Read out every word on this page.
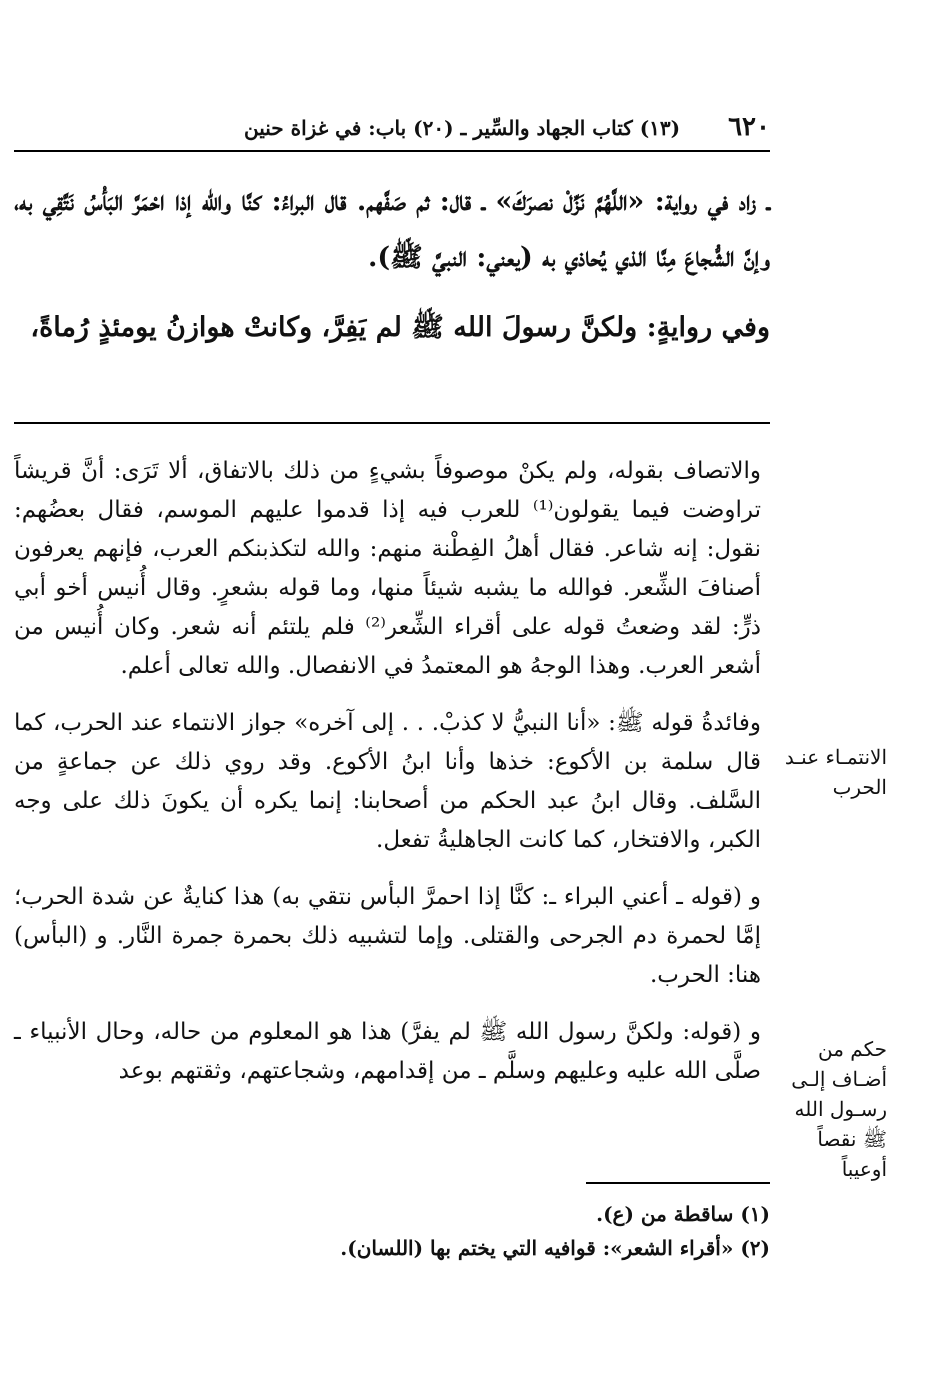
٦٢٠
(١٣) كتاب الجهاد والسِّير ـ (٢٠) باب: في غزاة حنين

ـ زاد في رواية: «اللَّهُمَّ نَزِّلْ نصرَكَ» ـ قال: ثم صَفَّهم. قال البراءُ: كنَّا والله إذا احْمَرَّ البَأْسُ نَتَّقِي به، وإنَّ الشُّجاعَ مِنَّا الذي يُحاذي به (يعني: النبيَّ ﷺ).

وفي روايةٍ: ولكنَّ رسولَ الله ﷺ لم يَفِرَّ، وكانتْ هوازنُ يومئذٍ رُماةً،

والاتصاف بقوله، ولم يكنْ موصوفاً بشيءٍ من ذلك بالاتفاق، ألا تَرَى: أنَّ قريشاً تراوضت فيما يقولون⁽¹⁾ للعرب فيه إذا قدموا عليهم الموسم، فقال بعضُهم: نقول: إنه شاعر. فقال أهلُ الفِطْنة منهم: والله لتكذبنكم العرب، فإنهم يعرفون أصنافَ الشِّعر. فوالله ما يشبه شيئاً منها، وما قوله بشعرٍ. وقال أُنيس أخو أبي ذرٍّ: لقد وضعتُ قوله على أقراء الشِّعر⁽²⁾ فلم يلتئم أنه شعر. وكان أُنيس من أشعر العرب. وهذا الوجهُ هو المعتمدُ في الانفصال. والله تعالى أعلم.

وفائدةُ قوله ﷺ: «أنا النبيُّ لا كذبْ. . . إلى آخره» جواز الانتماء عند الحرب، كما قال سلمة بن الأكوع: خذها وأنا ابنُ الأكوع. وقد روي ذلك عن جماعةٍ من السَّلف. وقال ابنُ عبد الحكم من أصحابنا: إنما يكره أن يكونَ ذلك على وجه الكبر، والافتخار، كما كانت الجاهليةُ تفعل.

و (قوله ـ أعني البراء ـ: كنَّا إذا احمرَّ البأس نتقي به) هذا كنايةٌ عن شدة الحرب؛ إمَّا لحمرة دم الجرحى والقتلى. وإما لتشبيه ذلك بحمرة جمرة النَّار. و (البأس) هنا: الحرب.

و (قوله: ولكنَّ رسول الله ﷺ لم يفرَّ) هذا هو المعلوم من حاله، وحال الأنبياء ـ صلَّى الله عليه وعليهم وسلَّم ـ من إقدامهم، وشجاعتهم، وثقتهم بوعد

الانتمـاء عنـد الحرب
حكم من أضـاف إلـى رسـول الله ﷺ نقصاً أوعيباً

(١) ساقطة من (ع).

(٢) «أقراء الشعر»: قوافيه التي يختم بها (اللسان).
